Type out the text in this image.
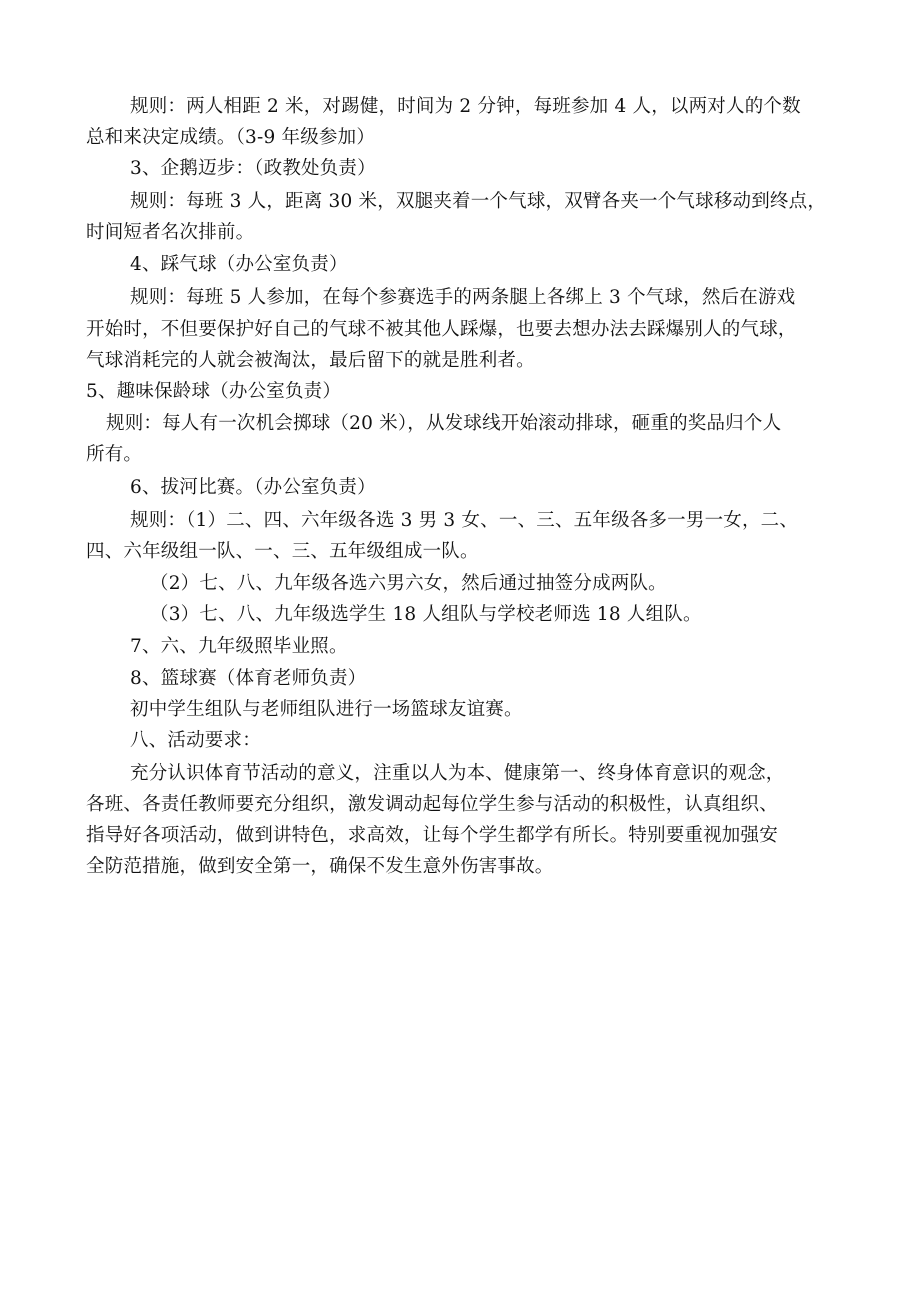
规则：两人相距 2 米，对踢健，时间为 2 分钟，每班参加 4 人，以两对人的个数
总和来决定成绩。（3-9 年级参加）
3、企鹅迈步：（政教处负责）
规则：每班 3 人，距离 30 米，双腿夹着一个气球，双臂各夹一个气球移动到终点，
时间短者名次排前。
4、踩气球（办公室负责）
规则：每班 5 人参加，在每个参赛选手的两条腿上各绑上 3 个气球，然后在游戏
开始时，不但要保护好自己的气球不被其他人踩爆，也要去想办法去踩爆别人的气球，
气球消耗完的人就会被淘汰，最后留下的就是胜利者。
5、趣味保龄球（办公室负责）
规则：每人有一次机会掷球（20 米），从发球线开始滚动排球，砸重的奖品归个人
所有。
6、拔河比赛。（办公室负责）
规则：（1）二、四、六年级各选 3 男 3 女、一、三、五年级各多一男一女，二、
四、六年级组一队、一、三、五年级组成一队。
（2）七、八、九年级各选六男六女，然后通过抽签分成两队。
（3）七、八、九年级选学生 18 人组队与学校老师选 18 人组队。
7、六、九年级照毕业照。
8、篮球赛（体育老师负责）
初中学生组队与老师组队进行一场篮球友谊赛。
八、活动要求：
充分认识体育节活动的意义，注重以人为本、健康第一、终身体育意识的观念，
各班、各责任教师要充分组织，激发调动起每位学生参与活动的积极性，认真组织、
指导好各项活动，做到讲特色，求高效，让每个学生都学有所长。特别要重视加强安
全防范措施，做到安全第一，确保不发生意外伤害事故。
